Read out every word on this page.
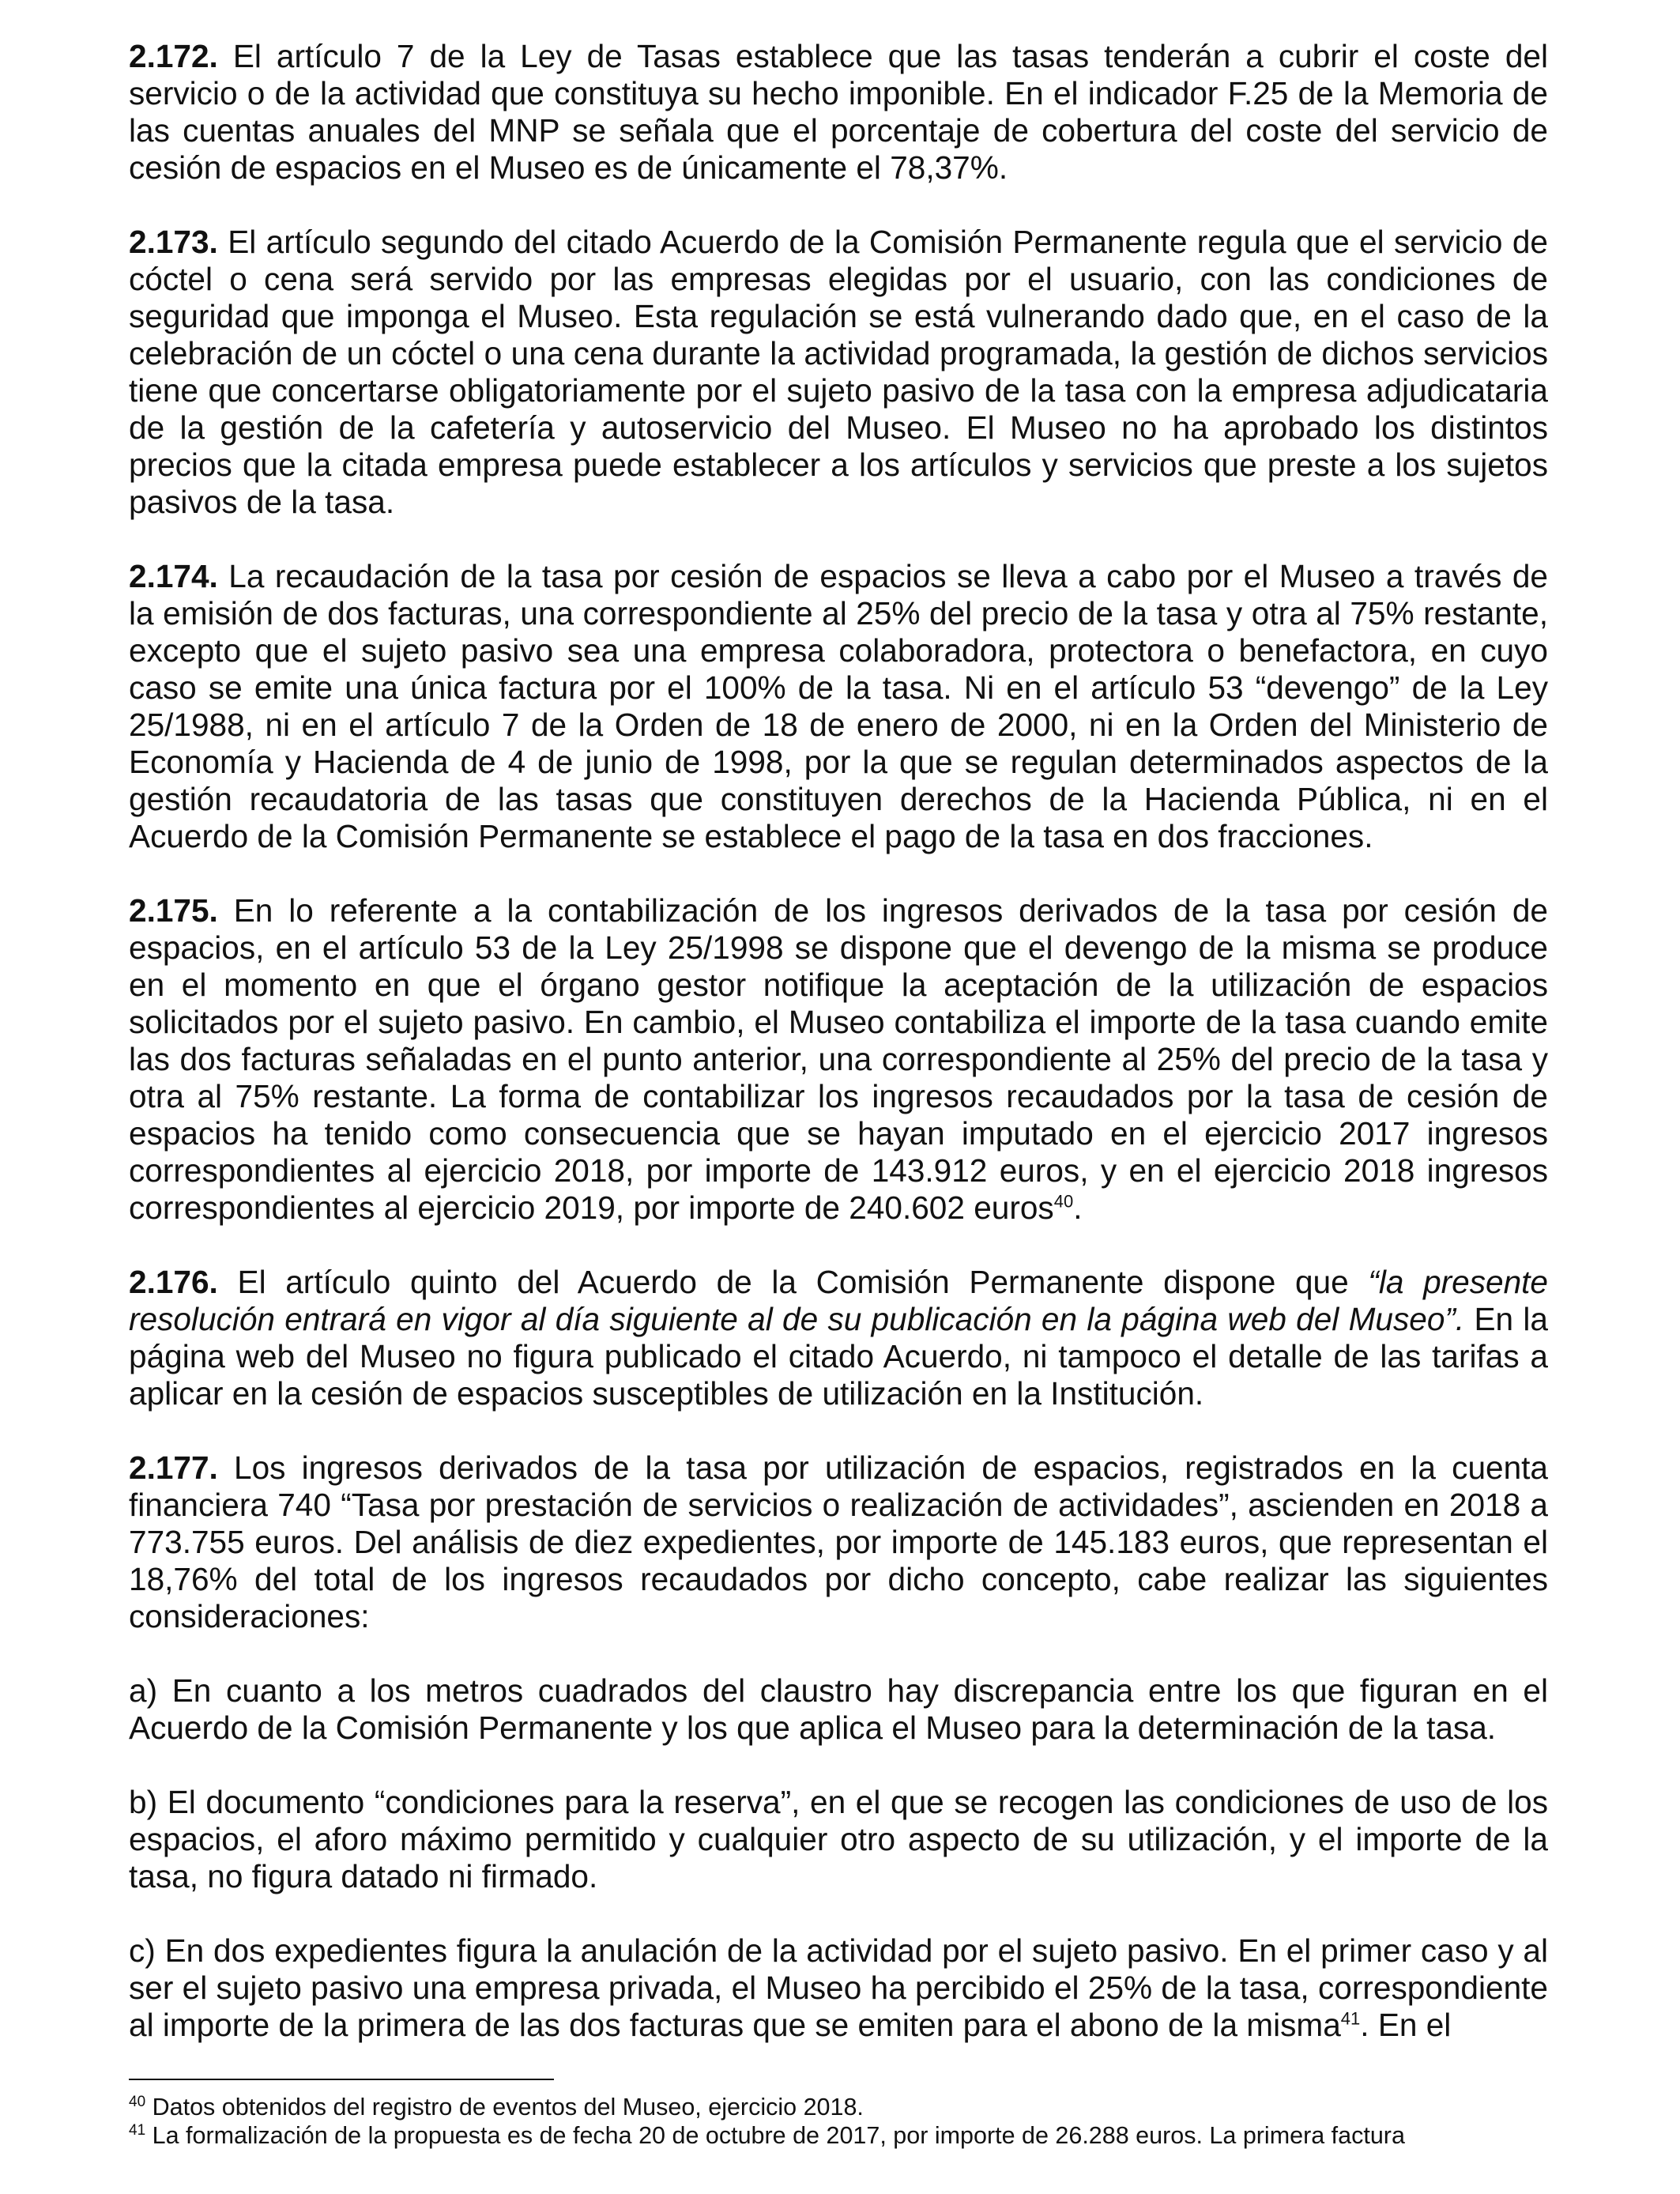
2.172. El artículo 7 de la Ley de Tasas establece que las tasas tenderán a cubrir el coste del servicio o de la actividad que constituya su hecho imponible. En el indicador F.25 de la Memoria de las cuentas anuales del MNP se señala que el porcentaje de cobertura del coste del servicio de cesión de espacios en el Museo es de únicamente el 78,37%.

2.173. El artículo segundo del citado Acuerdo de la Comisión Permanente regula que el servicio de cóctel o cena será servido por las empresas elegidas por el usuario, con las condiciones de seguridad que imponga el Museo. Esta regulación se está vulnerando dado que, en el caso de la celebración de un cóctel o una cena durante la actividad programada, la gestión de dichos servicios tiene que concertarse obligatoriamente por el sujeto pasivo de la tasa con la empresa adjudicataria de la gestión de la cafetería y autoservicio del Museo. El Museo no ha aprobado los distintos precios que la citada empresa puede establecer a los artículos y servicios que preste a los sujetos pasivos de la tasa.

2.174. La recaudación de la tasa por cesión de espacios se lleva a cabo por el Museo a través de la emisión de dos facturas, una correspondiente al 25% del precio de la tasa y otra al 75% restante, excepto que el sujeto pasivo sea una empresa colaboradora, protectora o benefactora, en cuyo caso se emite una única factura por el 100% de la tasa. Ni en el artículo 53 “devengo” de la Ley 25/1988, ni en el artículo 7 de la Orden de 18 de enero de 2000, ni en la Orden del Ministerio de Economía y Hacienda de 4 de junio de 1998, por la que se regulan determinados aspectos de la gestión recaudatoria de las tasas que constituyen derechos de la Hacienda Pública, ni en el Acuerdo de la Comisión Permanente se establece el pago de la tasa en dos fracciones.

2.175. En lo referente a la contabilización de los ingresos derivados de la tasa por cesión de espacios, en el artículo 53 de la Ley 25/1998 se dispone que el devengo de la misma se produce en el momento en que el órgano gestor notifique la aceptación de la utilización de espacios solicitados por el sujeto pasivo. En cambio, el Museo contabiliza el importe de la tasa cuando emite las dos facturas señaladas en el punto anterior, una correspondiente al 25% del precio de la tasa y otra al 75% restante. La forma de contabilizar los ingresos recaudados por la tasa de cesión de espacios ha tenido como consecuencia que se hayan imputado en el ejercicio 2017 ingresos correspondientes al ejercicio 2018, por importe de 143.912 euros, y en el ejercicio 2018 ingresos correspondientes al ejercicio 2019, por importe de 240.602 euros$^{40}$.

2.176. El artículo quinto del Acuerdo de la Comisión Permanente dispone que “la presente resolución entrará en vigor al día siguiente al de su publicación en la página web del Museo”. En la página web del Museo no figura publicado el citado Acuerdo, ni tampoco el detalle de las tarifas a aplicar en la cesión de espacios susceptibles de utilización en la Institución.

2.177. Los ingresos derivados de la tasa por utilización de espacios, registrados en la cuenta financiera 740 “Tasa por prestación de servicios o realización de actividades”, ascienden en 2018 a 773.755 euros. Del análisis de diez expedientes, por importe de 145.183 euros, que representan el 18,76% del total de los ingresos recaudados por dicho concepto, cabe realizar las siguientes consideraciones:

a) En cuanto a los metros cuadrados del claustro hay discrepancia entre los que figuran en el Acuerdo de la Comisión Permanente y los que aplica el Museo para la determinación de la tasa.

b) El documento “condiciones para la reserva”, en el que se recogen las condiciones de uso de los espacios, el aforo máximo permitido y cualquier otro aspecto de su utilización, y el importe de la tasa, no figura datado ni firmado.

c) En dos expedientes figura la anulación de la actividad por el sujeto pasivo. En el primer caso y al ser el sujeto pasivo una empresa privada, el Museo ha percibido el 25% de la tasa, correspondiente al importe de la primera de las dos facturas que se emiten para el abono de la misma$^{41}$. En el

$^{40}$ Datos obtenidos del registro de eventos del Museo, ejercicio 2018.

$^{41}$ La formalización de la propuesta es de fecha 20 de octubre de 2017, por importe de 26.288 euros. La primera factura
